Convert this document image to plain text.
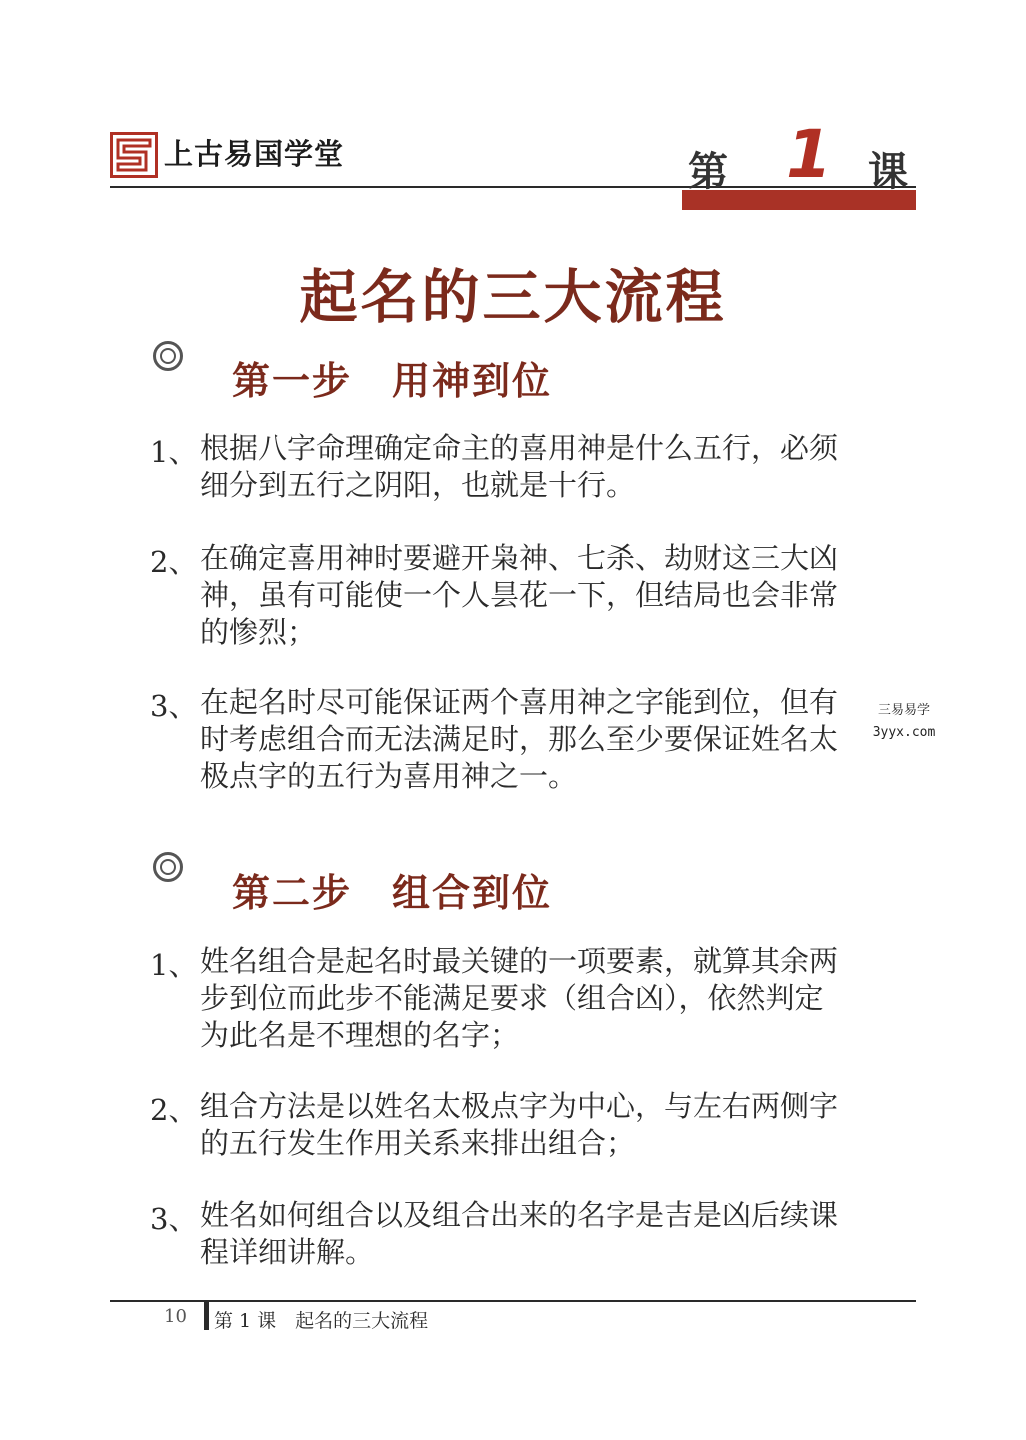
上古易国学堂	第 1 课
起名的三大流程
第一步　用神到位
1、 根据八字命理确定命主的喜用神是什么五行，必须
细分到五行之阴阳，也就是十行。
2、 在确定喜用神时要避开枭神、七杀、劫财这三大凶
神，虽有可能使一个人昙花一下，但结局也会非常
的惨烈；
3、 在起名时尽可能保证两个喜用神之字能到位，但有
时考虑组合而无法满足时，那么至少要保证姓名太
极点字的五行为喜用神之一。
第二步　组合到位
1、 姓名组合是起名时最关键的一项要素，就算其余两
步到位而此步不能满足要求（组合凶），依然判定
为此名是不理想的名字；
2、 组合方法是以姓名太极点字为中心，与左右两侧字
的五行发生作用关系来排出组合；
3、 姓名如何组合以及组合出来的名字是吉是凶后续课
程详细讲解。
三易易学
3yyx.com
10 第 1 课　起名的三大流程
